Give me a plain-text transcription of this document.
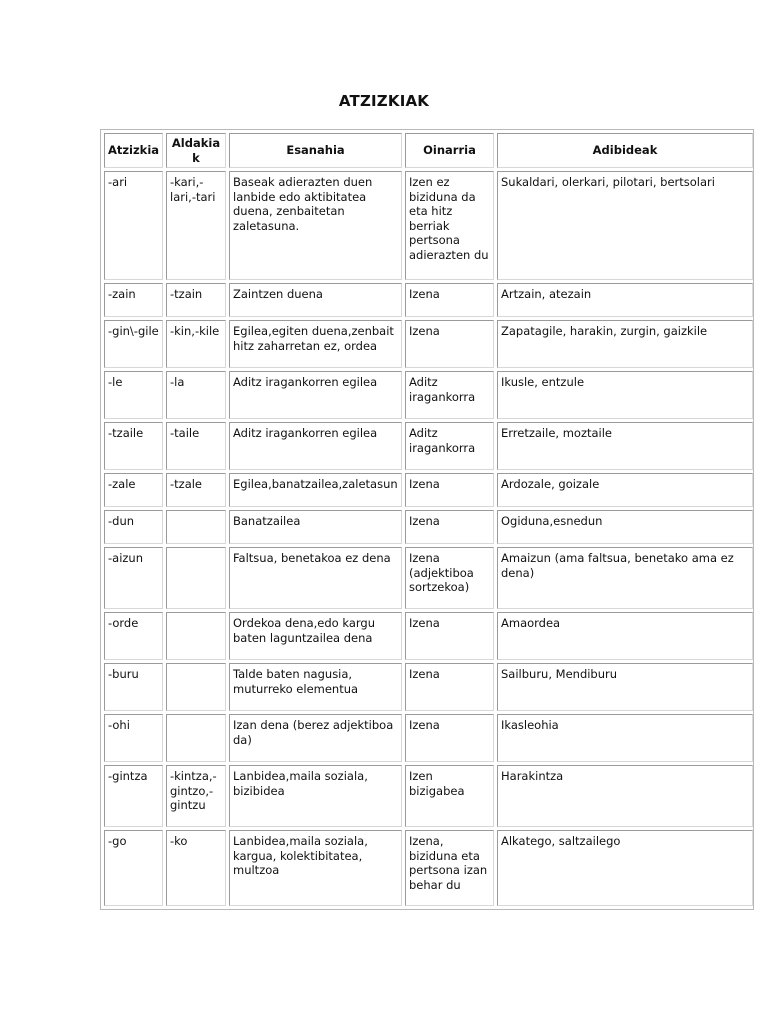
ATZIZKIAK
Atzizkia	Aldakiak	Esanahia	Oinarria	Adibideak
-ari	-kari,-lari,-tari	Baseak adierazten duen lanbide edo aktibitatea duena, zenbaitetan zaletasuna.	Izen ez biziduna da eta hitz berriak pertsona adierazten du	Sukaldari, olerkari, pilotari, bertsolari
-zain	-tzain	Zaintzen duena	Izena	Artzain, atezain
-gin\-gile	-kin,-kile	Egilea,egiten duena,zenbait hitz zaharretan ez, ordea	Izena	Zapatagile, harakin, zurgin, gaizkile
-le	-la	Aditz iragankorren egilea	Aditz iragankorra	Ikusle, entzule
-tzaile	-taile	Aditz iragankorren egilea	Aditz iragankorra	Erretzaile, moztaile
-zale	-tzale	Egilea,banatzailea,zaletasun	Izena	Ardozale, goizale
-dun		Banatzailea	Izena	Ogiduna,esnedun
-aizun		Faltsua, benetakoa ez dena	Izena (adjektiboa sortzekoa)	Amaizun (ama faltsua, benetako ama ez dena)
-orde		Ordekoa dena,edo kargu baten laguntzailea dena	Izena	Amaordea
-buru		Talde baten nagusia, muturreko elementua	Izena	Sailburu, Mendiburu
-ohi		Izan dena (berez adjektiboa da)	Izena	Ikasleohia
-gintza	-kintza,-gintzo,-gintzu	Lanbidea,maila soziala, bizibidea	Izen bizigabea	Harakintza
-go	-ko	Lanbidea,maila soziala, kargua, kolektibitatea, multzoa	Izena, biziduna eta pertsona izan behar du	Alkatego, saltzailego
